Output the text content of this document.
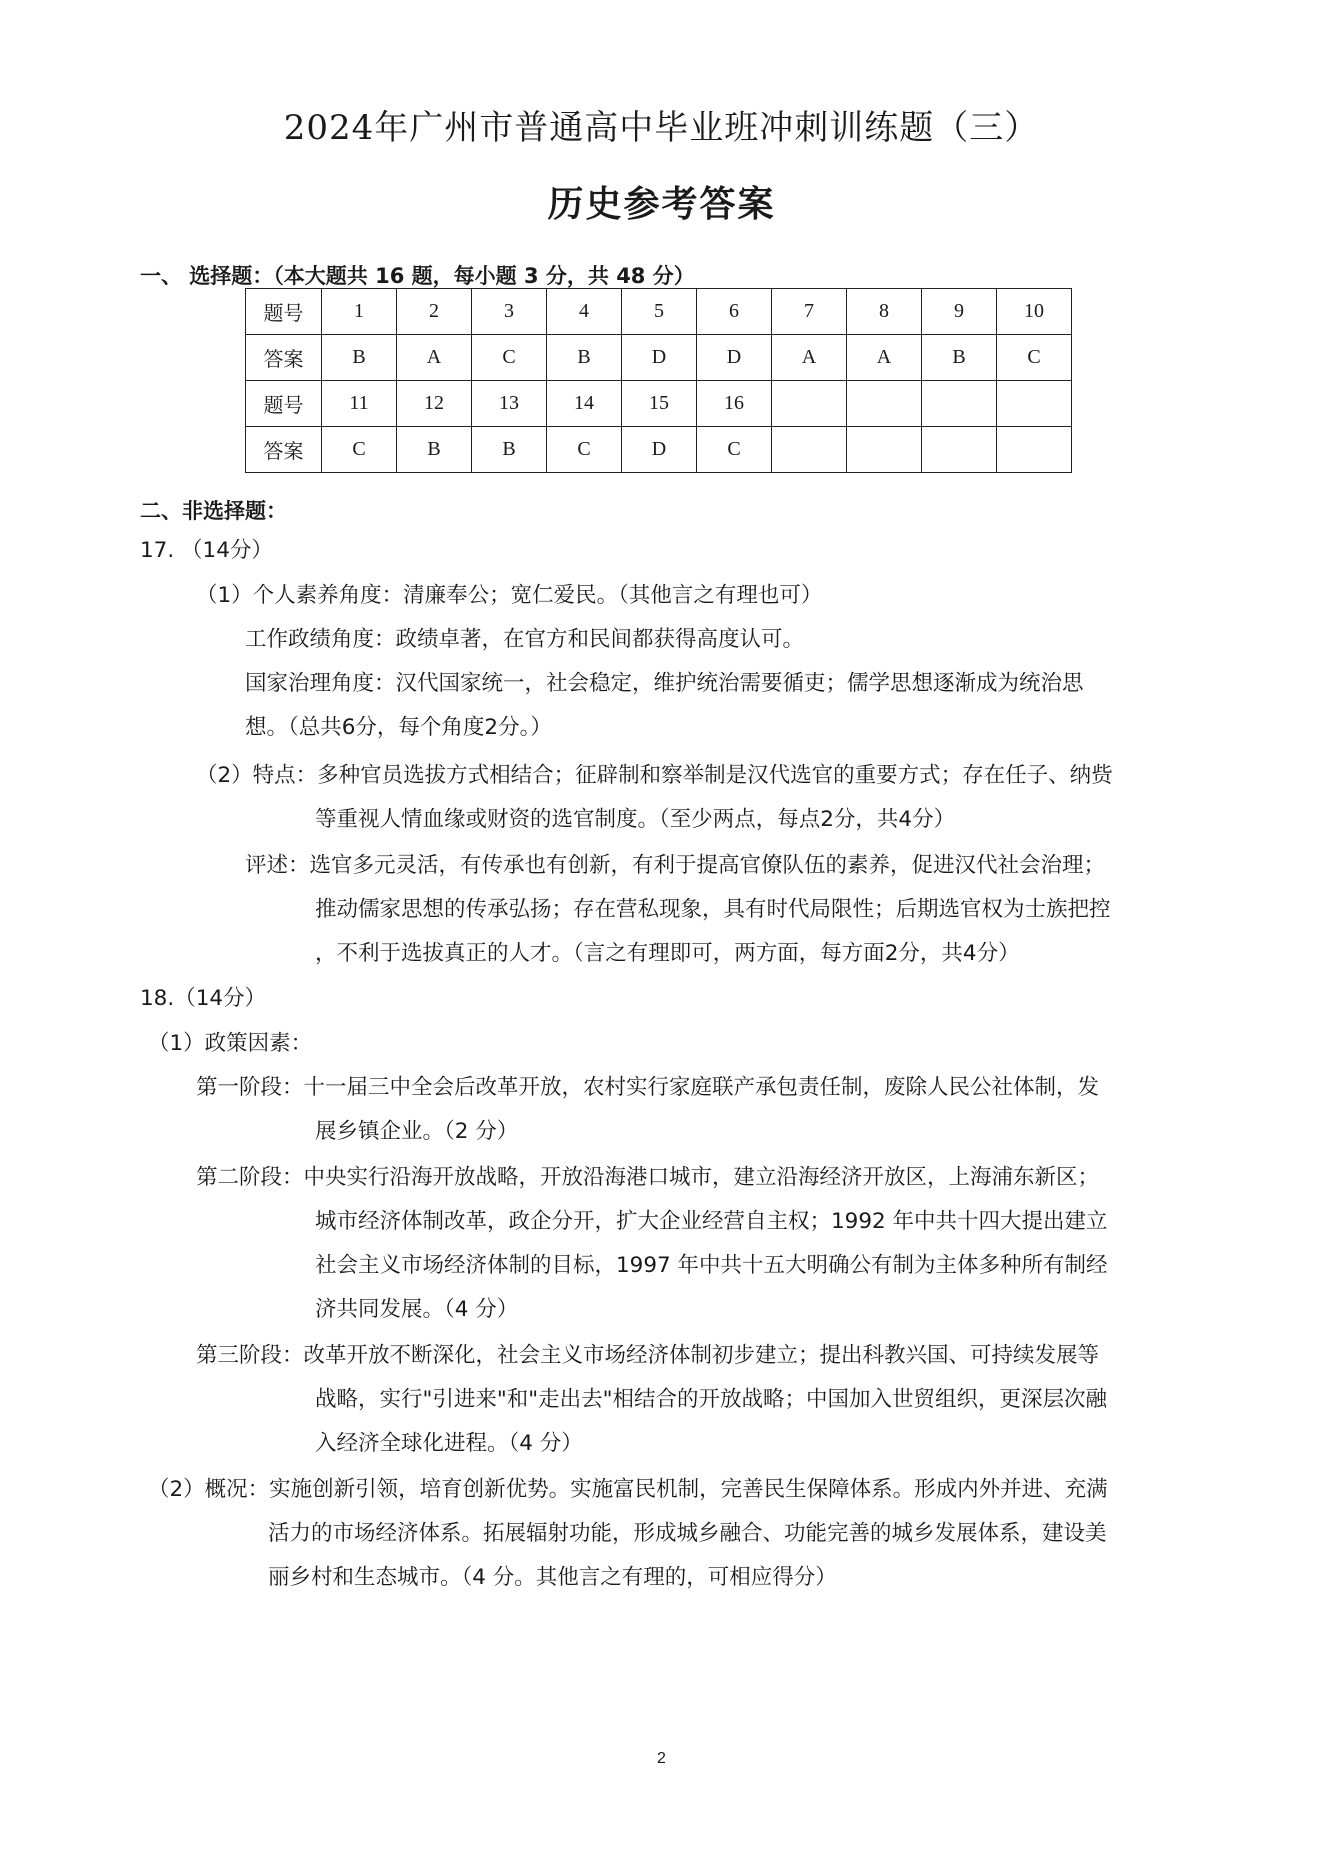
2024年广州市普通高中毕业班冲刺训练题（三）
历史参考答案
一、 选择题：（本大题共 16 题，每小题 3 分，共 48 分）
题号	1	2	3	4	5	6	7	8	9	10
答案	B	A	C	B	D	D	A	A	B	C
题号	11	12	13	14	15	16				
答案	C	B	B	C	D	C				
二、非选择题：
17. （14分）
（1）个人素养角度：清廉奉公；宽仁爱民。（其他言之有理也可）
工作政绩角度：政绩卓著，在官方和民间都获得高度认可。
国家治理角度：汉代国家统一，社会稳定，维护统治需要循吏；儒学思想逐渐成为统治思
想。（总共6分，每个角度2分。）
（2）特点：多种官员选拔方式相结合；征辟制和察举制是汉代选官的重要方式；存在任子、纳赀
等重视人情血缘或财资的选官制度。（至少两点，每点2分，共4分）
评述：选官多元灵活，有传承也有创新，有利于提高官僚队伍的素养，促进汉代社会治理；
推动儒家思想的传承弘扬；存在营私现象，具有时代局限性；后期选官权为士族把控
，不利于选拔真正的人才。（言之有理即可，两方面，每方面2分，共4分）
18.（14分）
（1）政策因素：
第一阶段：十一届三中全会后改革开放，农村实行家庭联产承包责任制，废除人民公社体制，发
展乡镇企业。（2 分）
第二阶段：中央实行沿海开放战略，开放沿海港口城市，建立沿海经济开放区，上海浦东新区；
城市经济体制改革，政企分开，扩大企业经营自主权；1992 年中共十四大提出建立
社会主义市场经济体制的目标，1997 年中共十五大明确公有制为主体多种所有制经
济共同发展。（4 分）
第三阶段：改革开放不断深化，社会主义市场经济体制初步建立；提出科教兴国、可持续发展等
战略，实行"引进来"和"走出去"相结合的开放战略；中国加入世贸组织，更深层次融
入经济全球化进程。（4 分）
（2）概况：实施创新引领，培育创新优势。实施富民机制，完善民生保障体系。形成内外并进、充满
活力的市场经济体系。拓展辐射功能，形成城乡融合、功能完善的城乡发展体系，建设美
丽乡村和生态城市。（4 分。其他言之有理的，可相应得分）
2
